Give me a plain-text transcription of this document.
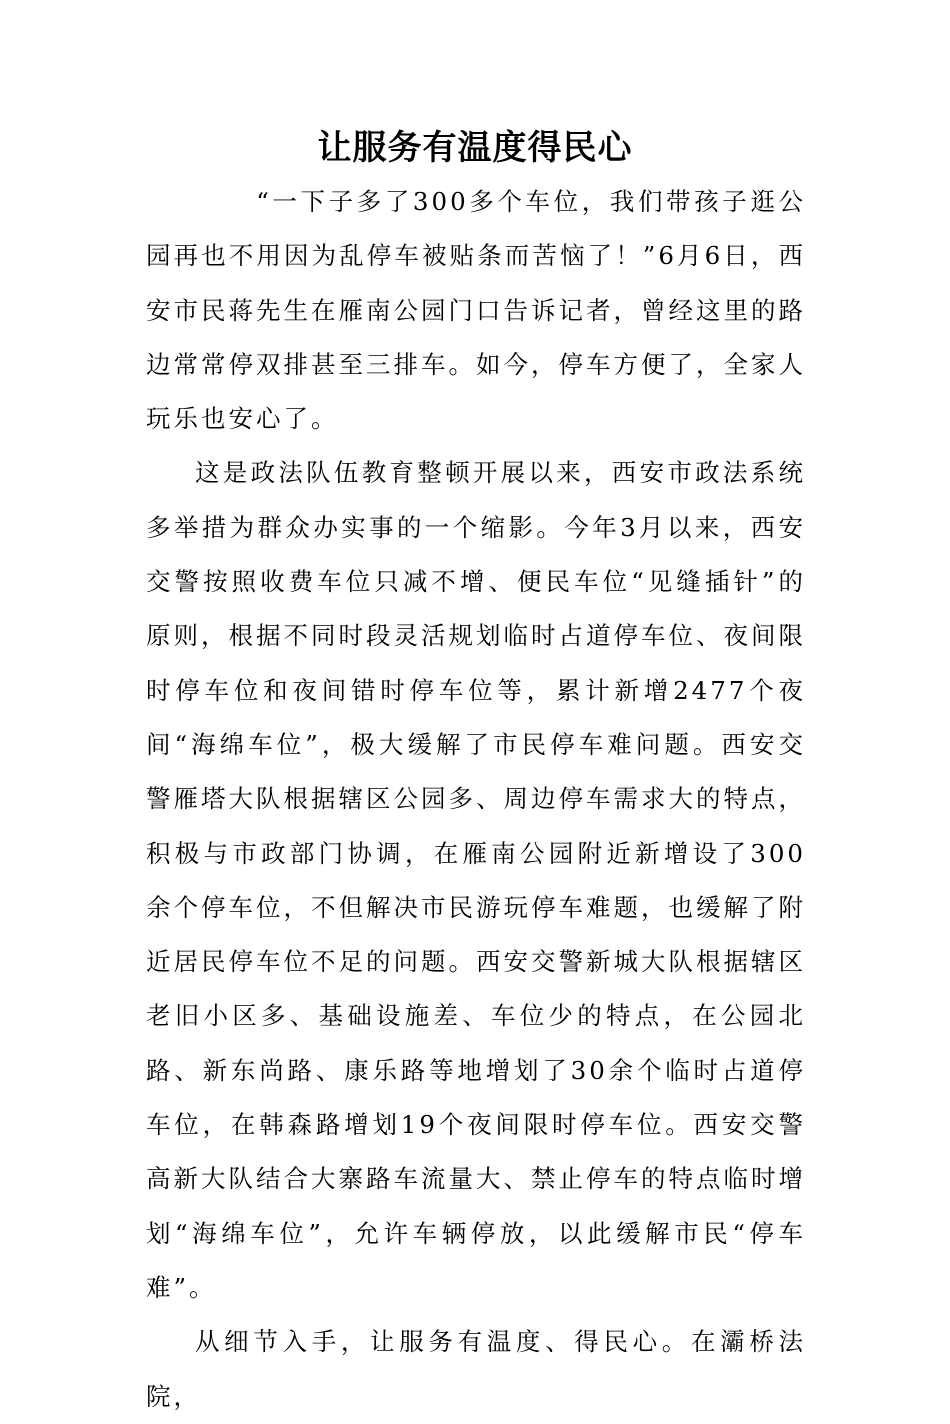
让服务有温度得民心

“一下子多了300多个车位，我们带孩子逛公园再也不用因为乱停车被贴条而苦恼了！”6月6日，西安市民蒋先生在雁南公园门口告诉记者，曾经这里的路边常常停双排甚至三排车。如今，停车方便了，全家人玩乐也安心了。

这是政法队伍教育整顿开展以来，西安市政法系统多举措为群众办实事的一个缩影。今年3月以来，西安交警按照收费车位只减不增、便民车位“见缝插针”的原则，根据不同时段灵活规划临时占道停车位、夜间限时停车位和夜间错时停车位等，累计新增2477个夜间“海绵车位”，极大缓解了市民停车难问题。西安交警雁塔大队根据辖区公园多、周边停车需求大的特点，积极与市政部门协调，在雁南公园附近新增设了300余个停车位，不但解决市民游玩停车难题，也缓解了附近居民停车位不足的问题。西安交警新城大队根据辖区老旧小区多、基础设施差、车位少的特点，在公园北路、新东尚路、康乐路等地增划了30余个临时占道停车位，在韩森路增划19个夜间限时停车位。西安交警高新大队结合大寨路车流量大、禁止停车的特点临时增划“海绵车位”，允许车辆停放，以此缓解市民“停车难”。

从细节入手，让服务有温度、得民心。在灞桥法院，
